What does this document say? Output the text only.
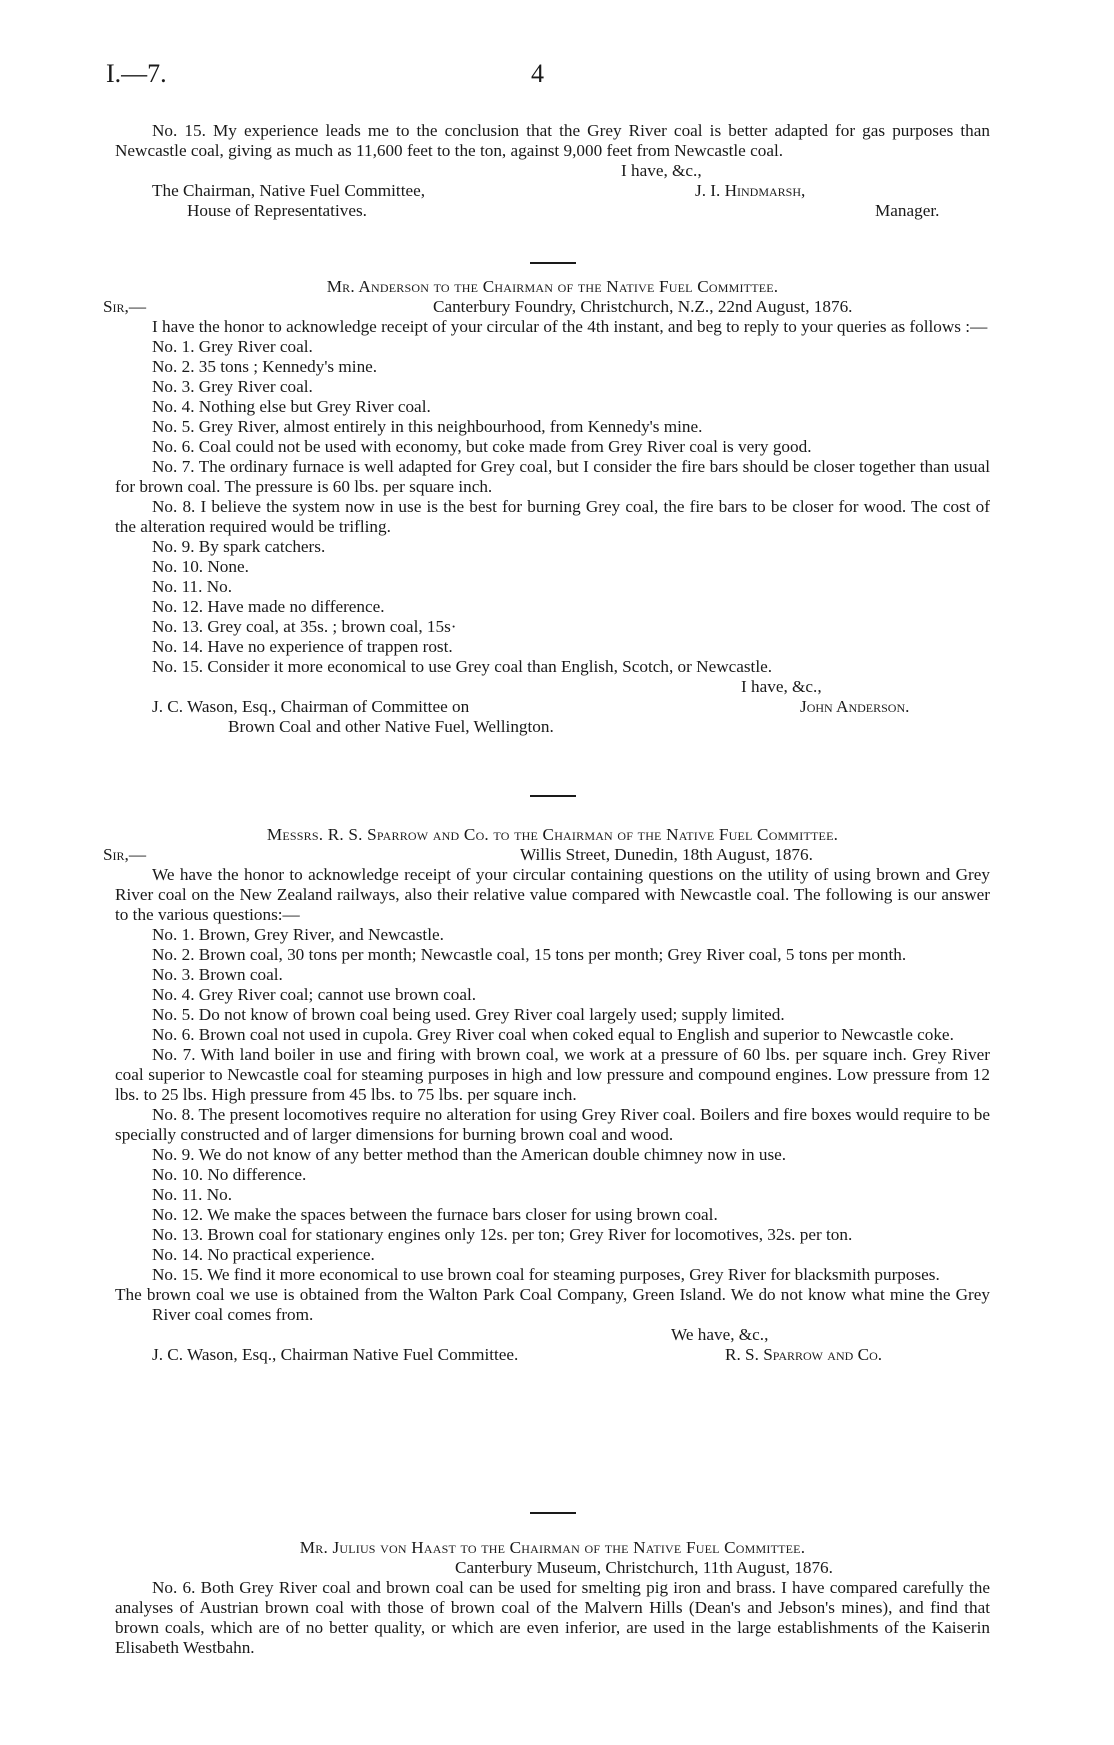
I.—7.	4

No. 15. My experience leads me to the conclusion that the Grey River coal is better adapted for gas purposes than Newcastle coal, giving as much as 11,600 feet to the ton, against 9,000 feet from Newcastle coal.

I have, &c.,
The Chairman, Native Fuel Committee,	J. I. Hindmarsh,
House of Representatives.	Manager.

Mr. Anderson to the Chairman of the Native Fuel Committee.

Sir,—	Canterbury Foundry, Christchurch, N.Z., 22nd August, 1876.

I have the honor to acknowledge receipt of your circular of the 4th instant, and beg to reply to your queries as follows :—

No. 1. Grey River coal.

No. 2. 35 tons ; Kennedy's mine.

No. 3. Grey River coal.

No. 4. Nothing else but Grey River coal.

No. 5. Grey River, almost entirely in this neighbourhood, from Kennedy's mine.

No. 6. Coal could not be used with economy, but coke made from Grey River coal is very good.

No. 7. The ordinary furnace is well adapted for Grey coal, but I consider the fire bars should be closer together than usual for brown coal. The pressure is 60 lbs. per square inch.

No. 8. I believe the system now in use is the best for burning Grey coal, the fire bars to be closer for wood. The cost of the alteration required would be trifling.

No. 9. By spark catchers.

No. 10. None.

No. 11. No.

No. 12. Have made no difference.

No. 13. Grey coal, at 35s. ; brown coal, 15s·

No. 14. Have no experience of trappen rost.

No. 15. Consider it more economical to use Grey coal than English, Scotch, or Newcastle.

I have, &c.,
J. C. Wason, Esq., Chairman of Committee on	John Anderson.
Brown Coal and other Native Fuel, Wellington.

Messrs. R. S. Sparrow and Co. to the Chairman of the Native Fuel Committee.

Sir,—	Willis Street, Dunedin, 18th August, 1876.

We have the honor to acknowledge receipt of your circular containing questions on the utility of using brown and Grey River coal on the New Zealand railways, also their relative value compared with Newcastle coal. The following is our answer to the various questions:—

No. 1. Brown, Grey River, and Newcastle.

No. 2. Brown coal, 30 tons per month; Newcastle coal, 15 tons per month; Grey River coal, 5 tons per month.

No. 3. Brown coal.

No. 4. Grey River coal; cannot use brown coal.

No. 5. Do not know of brown coal being used. Grey River coal largely used; supply limited.

No. 6. Brown coal not used in cupola. Grey River coal when coked equal to English and superior to Newcastle coke.

No. 7. With land boiler in use and firing with brown coal, we work at a pressure of 60 lbs. per square inch. Grey River coal superior to Newcastle coal for steaming purposes in high and low pressure and compound engines. Low pressure from 12 lbs. to 25 lbs. High pressure from 45 lbs. to 75 lbs. per square inch.

No. 8. The present locomotives require no alteration for using Grey River coal. Boilers and fire boxes would require to be specially constructed and of larger dimensions for burning brown coal and wood.

No. 9. We do not know of any better method than the American double chimney now in use.

No. 10. No difference.

No. 11. No.

No. 12. We make the spaces between the furnace bars closer for using brown coal.

No. 13. Brown coal for stationary engines only 12s. per ton; Grey River for locomotives, 32s. per ton.

No. 14. No practical experience.

No. 15. We find it more economical to use brown coal for steaming purposes, Grey River for blacksmith purposes.

The brown coal we use is obtained from the Walton Park Coal Company, Green Island. We do not know what mine the Grey River coal comes from.

We have, &c.,
J. C. Wason, Esq., Chairman Native Fuel Committee.	R. S. Sparrow and Co.

Mr. Julius von Haast to the Chairman of the Native Fuel Committee.

Canterbury Museum, Christchurch, 11th August, 1876.

No. 6. Both Grey River coal and brown coal can be used for smelting pig iron and brass. I have compared carefully the analyses of Austrian brown coal with those of brown coal of the Malvern Hills (Dean's and Jebson's mines), and find that brown coals, which are of no better quality, or which are even inferior, are used in the large establishments of the Kaiserin Elisabeth Westbahn.
